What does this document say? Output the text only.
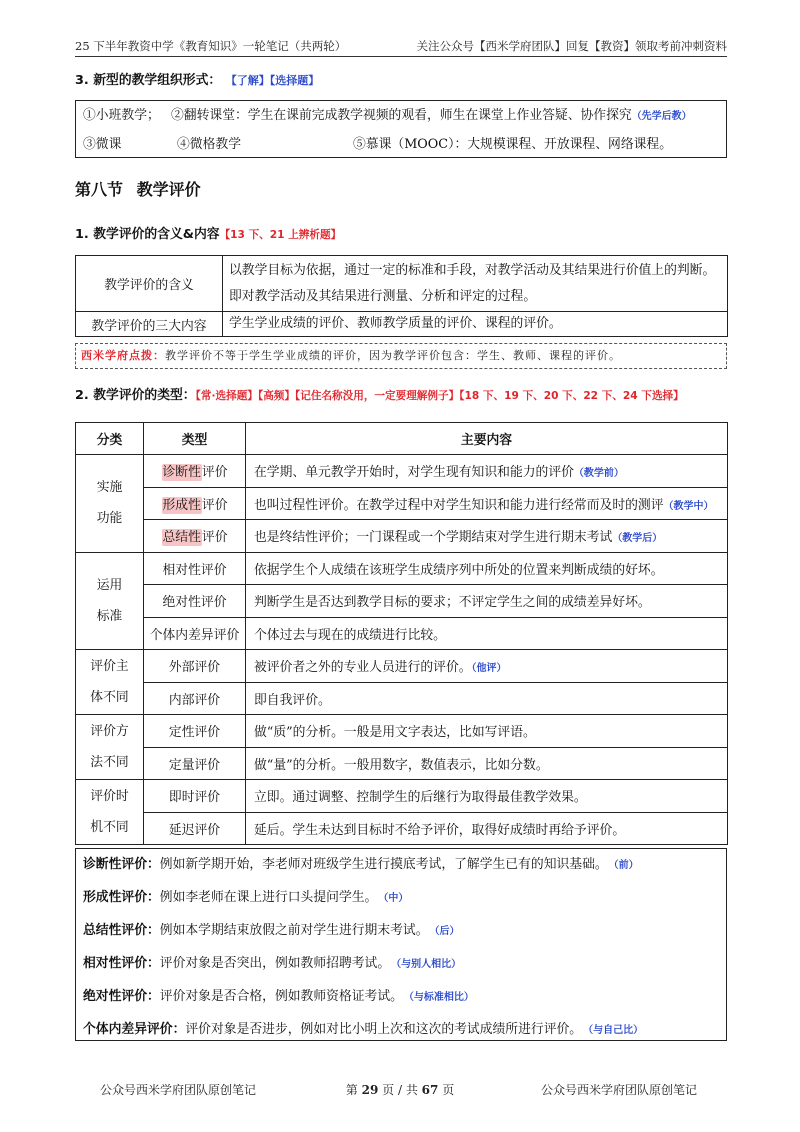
25 下半年教资中学《教育知识》一轮笔记（共两轮）	关注公众号【西米学府团队】回复【教资】领取考前冲刺资料
3. 新型的教学组织形式： 【了解】【选择题】
①小班教学； ②翻转课堂：学生在课前完成教学视频的观看，师生在课堂上作业答疑、协作探究（先学后教）
③微课	④微格教学	⑤慕课（MOOC）：大规模课程、开放课程、网络课程。
第八节 教学评价
1. 教学评价的含义&内容【13 下、21 上辨析题】
教学评价的含义	以教学目标为依据，通过一定的标准和手段，对教学活动及其结果进行价值上的判断。
即对教学活动及其结果进行测量、分析和评定的过程。

教学评价的三大内容	学生学业成绩的评价、教师教学质量的评价、课程的评价。
西米学府点拨：教学评价不等于学生学业成绩的评价，因为教学评价包含：学生、教师、课程的评价。
2. 教学评价的类型：【常·选择题】【高频】【记住名称没用，一定要理解例子】【18 下、19 下、20 下、22 下、24 下选择】
分类	类型	主要内容

实施
功能	诊断性评价	在学期、单元教学开始时，对学生现有知识和能力的评价（教学前）
	形成性评价	也叫过程性评价。在教学过程中对学生知识和能力进行经常而及时的测评（教学中）
	总结性评价	也是终结性评价；一门课程或一个学期结束对学生进行期末考试（教学后）

运用
标准	相对性评价	依据学生个人成绩在该班学生成绩序列中所处的位置来判断成绩的好坏。
	绝对性评价	判断学生是否达到教学目标的要求；不评定学生之间的成绩差异好坏。
	个体内差异评价	个体过去与现在的成绩进行比较。

评价主
体不同	外部评价	被评价者之外的专业人员进行的评价。（他评）
	内部评价	即自我评价。

评价方
法不同	定性评价	做“质”的分析。一般是用文字表达，比如写评语。
	定量评价	做“量”的分析。一般用数字，数值表示，比如分数。

评价时
机不同	即时评价	立即。通过调整、控制学生的后继行为取得最佳教学效果。
	延迟评价	延后。学生未达到目标时不给予评价，取得好成绩时再给予评价。
诊断性评价：例如新学期开始，李老师对班级学生进行摸底考试，了解学生已有的知识基础。 （前）
形成性评价：例如李老师在课上进行口头提问学生。 （中）
总结性评价：例如本学期结束放假之前对学生进行期末考试。 （后）
相对性评价：评价对象是否突出，例如教师招聘考试。 （与别人相比）
绝对性评价：评价对象是否合格，例如教师资格证考试。 （与标准相比）
个体内差异评价：评价对象是否进步，例如对比小明上次和这次的考试成绩所进行评价。 （与自己比）
公众号西米学府团队原创笔记	第 29 页 / 共 67 页	公众号西米学府团队原创笔记
